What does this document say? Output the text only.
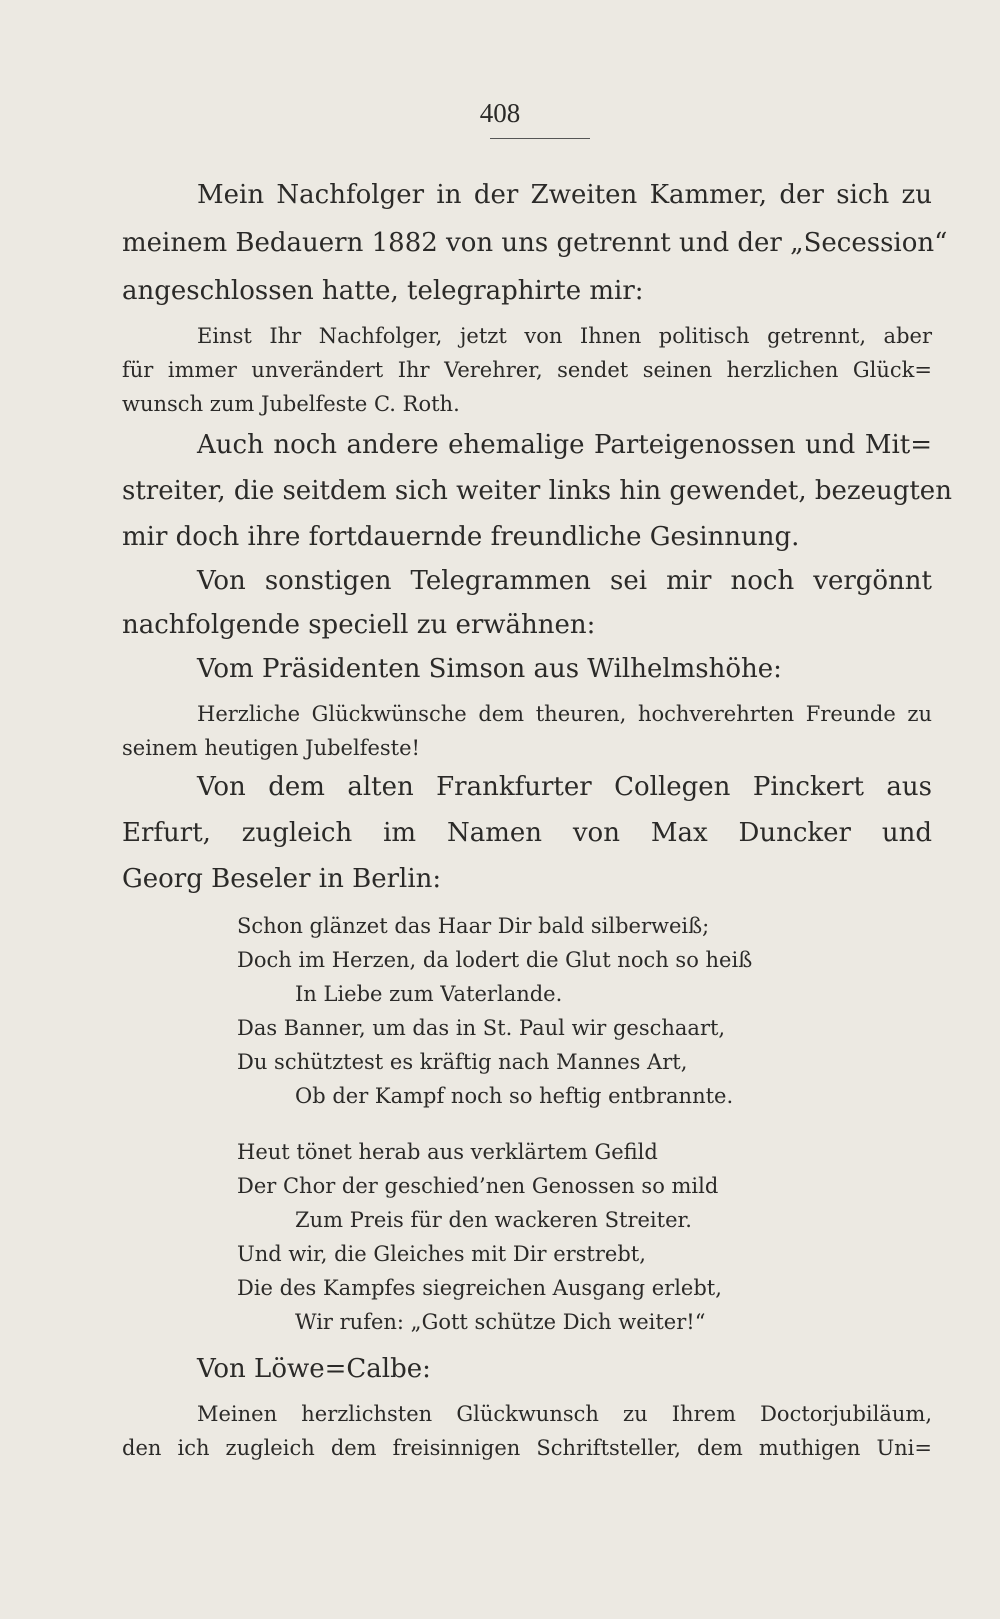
408
Mein Nachfolger in der Zweiten Kammer, der sich zu
meinem Bedauern 1882 von uns getrennt und der „Secession“
angeschlossen hatte, telegraphirte mir:
Einst Ihr Nachfolger, jetzt von Ihnen politisch getrennt, aber
für immer unverändert Ihr Verehrer, sendet seinen herzlichen Glück=
wunsch zum Jubelfeste C. Roth.
Auch noch andere ehemalige Parteigenossen und Mit=
streiter, die seitdem sich weiter links hin gewendet, bezeugten
mir doch ihre fortdauernde freundliche Gesinnung.
Von sonstigen Telegrammen sei mir noch vergönnt
nachfolgende speciell zu erwähnen:
Vom Präsidenten Simson aus Wilhelmshöhe:
Herzliche Glückwünsche dem theuren, hochverehrten Freunde zu
seinem heutigen Jubelfeste!
Von dem alten Frankfurter Collegen Pinckert aus
Erfurt, zugleich im Namen von Max Duncker und
Georg Beseler in Berlin:
Schon glänzet das Haar Dir bald silberweiß;
Doch im Herzen, da lodert die Glut noch so heiß
In Liebe zum Vaterlande.
Das Banner, um das in St. Paul wir geschaart,
Du schütztest es kräftig nach Mannes Art,
Ob der Kampf noch so heftig entbrannte.
Heut tönet herab aus verklärtem Gefild
Der Chor der geschied’nen Genossen so mild
Zum Preis für den wackeren Streiter.
Und wir, die Gleiches mit Dir erstrebt,
Die des Kampfes siegreichen Ausgang erlebt,
Wir rufen: „Gott schütze Dich weiter!“
Von Löwe=Calbe:
Meinen herzlichsten Glückwunsch zu Ihrem Doctorjubiläum,
den ich zugleich dem freisinnigen Schriftsteller, dem muthigen Uni=
